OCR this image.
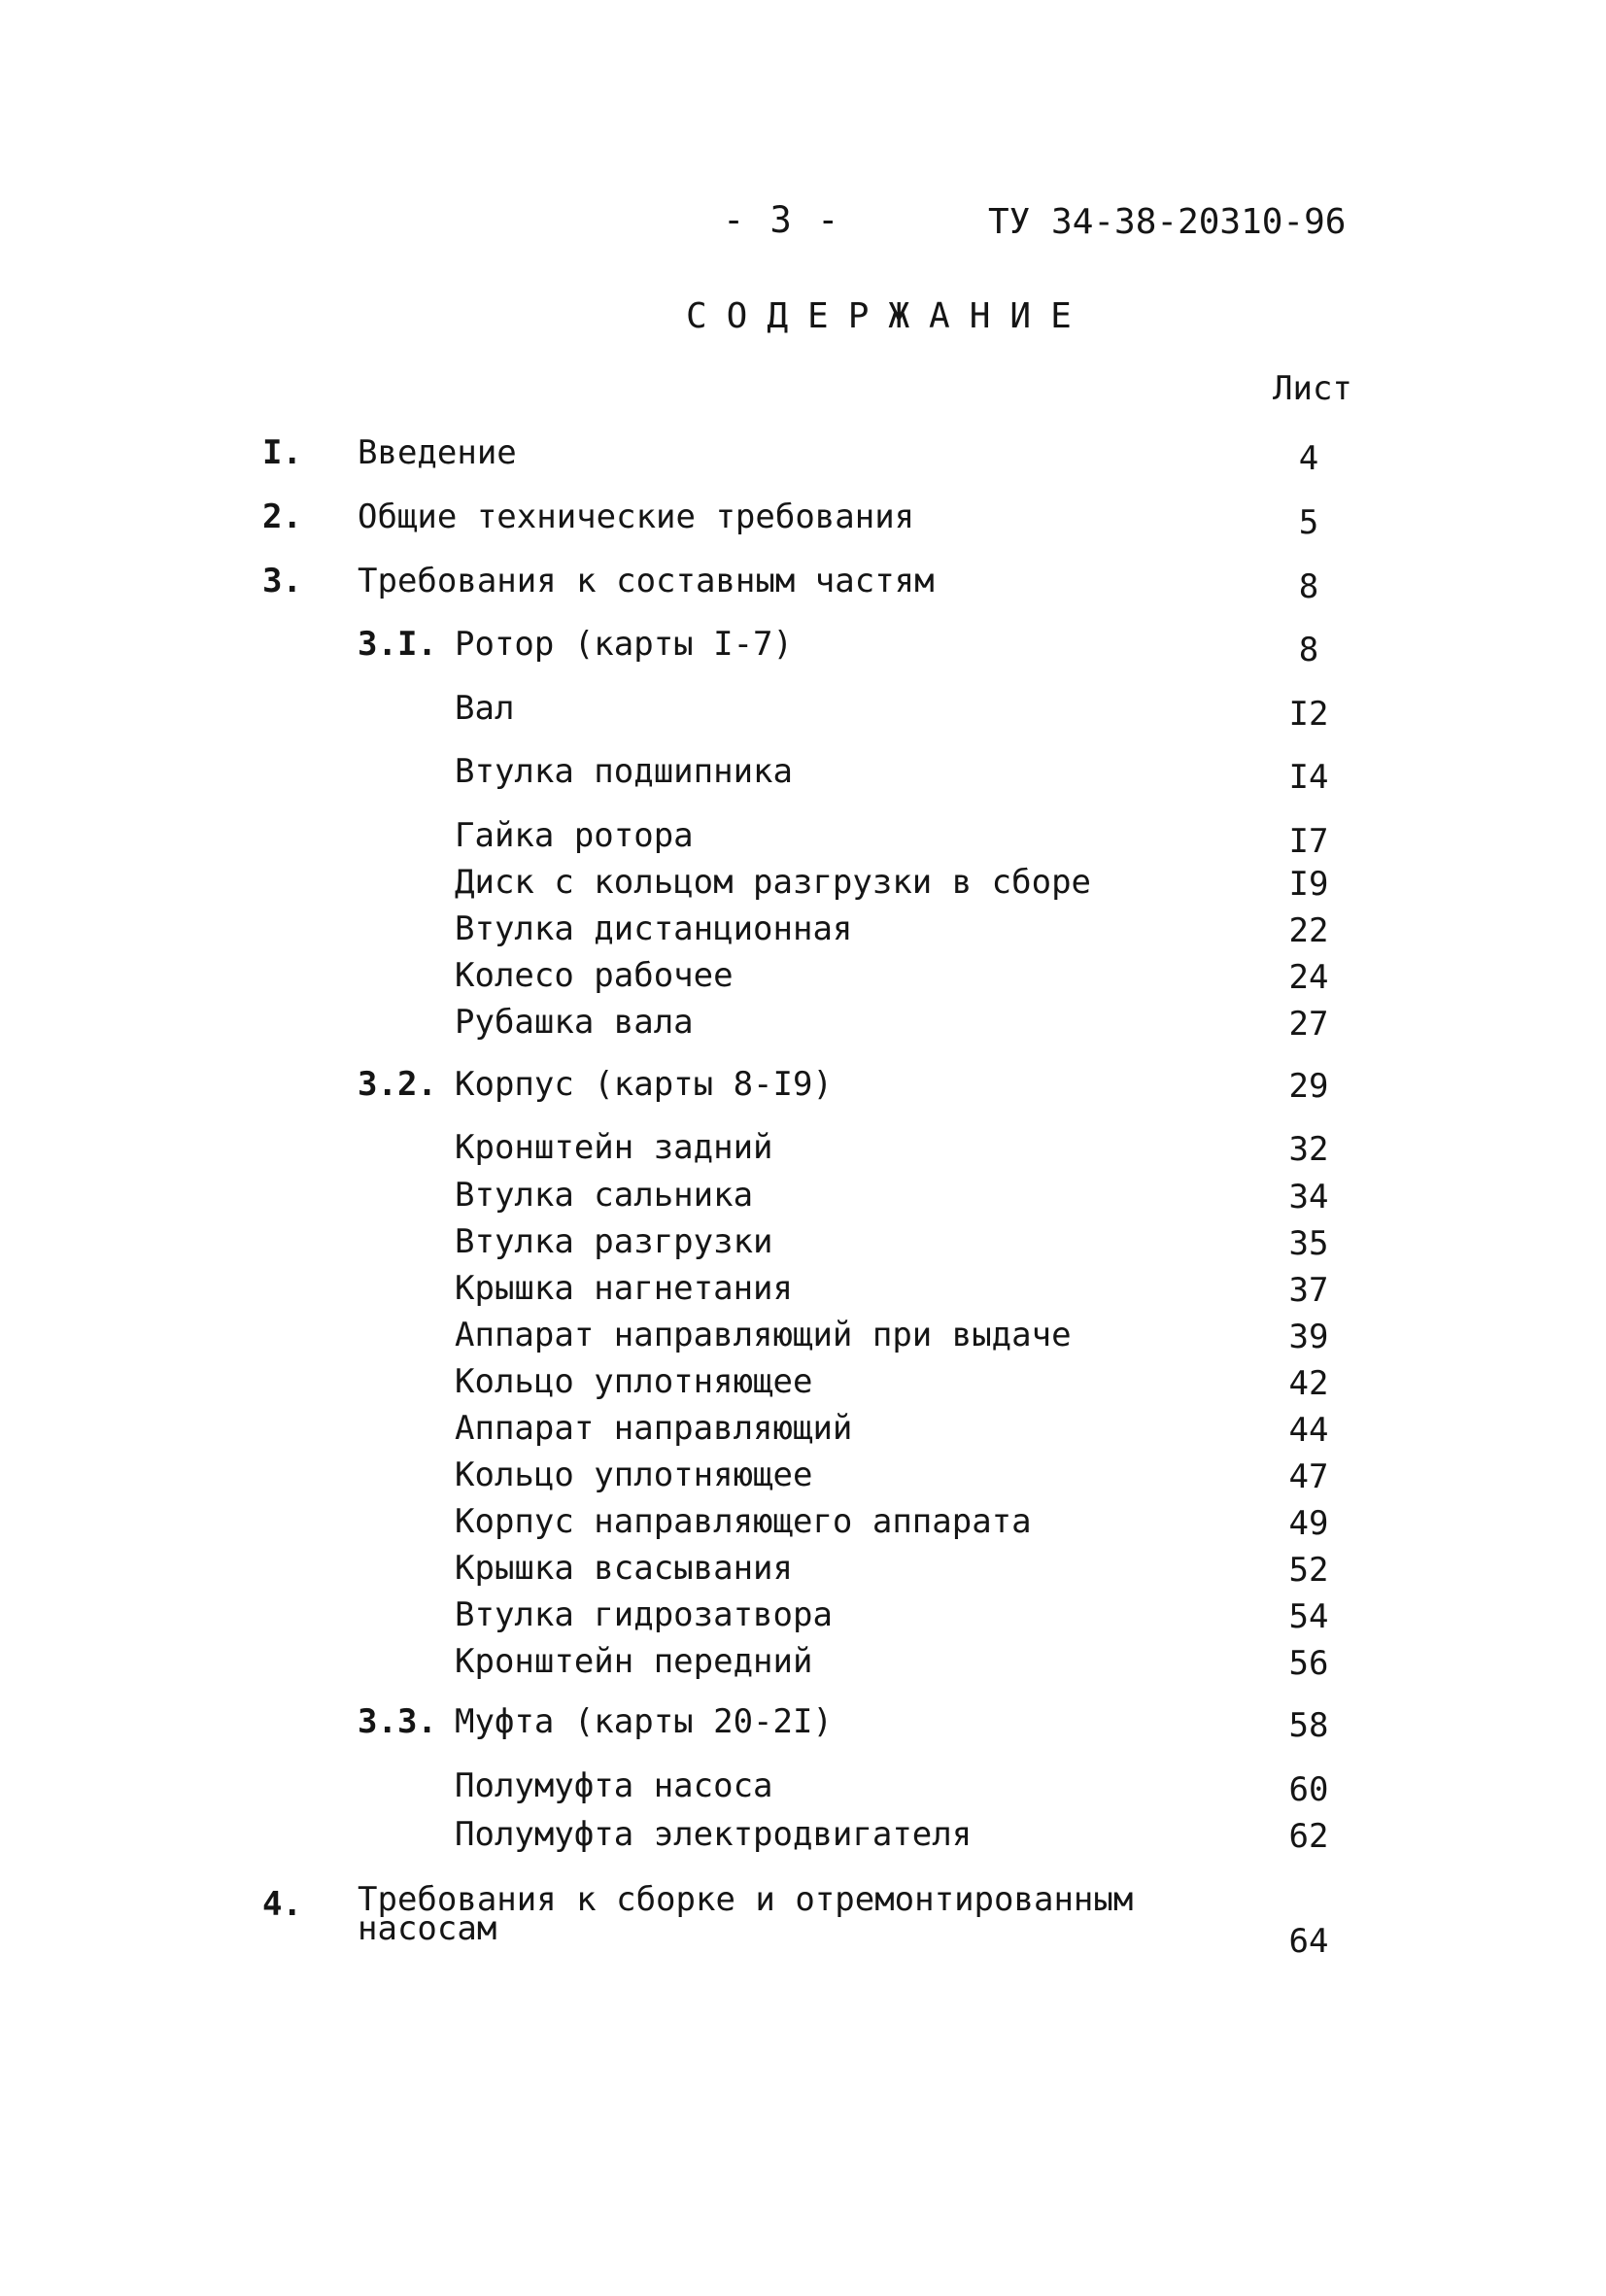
- 3 -	ТУ 34-38-20310-96
СОДЕРЖАНИЕ
Лист
I. Введение	4
2. Общие технические требования	5
3. Требования к составным частям	8
3.I. Ротор (карты I-7)	8
Вал	I2
Втулка подшипника	I4
Гайка ротора	I7
Диск с кольцом разгрузки в сборе	I9
Втулка дистанционная	22
Колесо рабочее	24
Рубашка вала	27
3.2. Корпус (карты 8-I9)	29
Кронштейн задний	32
Втулка сальника	34
Втулка разгрузки	35
Крышка нагнетания	37
Аппарат направляющий при выдаче	39
Кольцо уплотняющее	42
Аппарат направляющий	44
Кольцо уплотняющее	47
Корпус направляющего аппарата	49
Крышка всасывания	52
Втулка гидрозатвора	54
Кронштейн передний	56
3.3. Муфта (карты 20-2I)	58
Полумуфта насоса	60
Полумуфта электродвигателя	62
4. Требования к сборке и отремонтированным насосам	64
